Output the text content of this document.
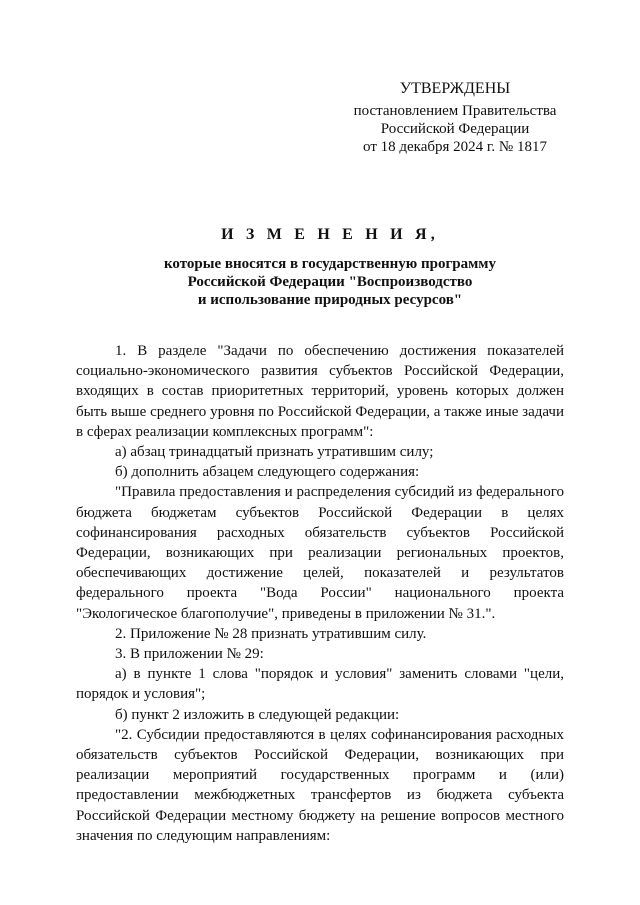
УТВЕРЖДЕНЫ
постановлением Правительства
Российской Федерации
от 18 декабря 2024 г. № 1817
И З М Е Н Е Н И Я,
которые вносятся в государственную программу
Российской Федерации "Воспроизводство
и использование природных ресурсов"

1. В разделе "Задачи по обеспечению достижения показателей социально-экономического развития субъектов Российской Федерации, входящих в состав приоритетных территорий, уровень которых должен быть выше среднего уровня по Российской Федерации, а также иные задачи в сферах реализации комплексных программ":

а) абзац тринадцатый признать утратившим силу;

б) дополнить абзацем следующего содержания:

"Правила предоставления и распределения субсидий из федерального бюджета бюджетам субъектов Российской Федерации в целях софинансирования расходных обязательств субъектов Российской Федерации, возникающих при реализации региональных проектов, обеспечивающих достижение целей, показателей и результатов федерального проекта "Вода России" национального проекта "Экологическое благополучие", приведены в приложении № 31.".

2. Приложение № 28 признать утратившим силу.

3. В приложении № 29:

а) в пункте 1 слова "порядок и условия" заменить словами "цели, порядок и условия";

б) пункт 2 изложить в следующей редакции:

"2. Субсидии предоставляются в целях софинансирования расходных обязательств субъектов Российской Федерации, возникающих при реализации мероприятий государственных программ и (или) предоставлении межбюджетных трансфертов из бюджета субъекта Российской Федерации местному бюджету на решение вопросов местного значения по следующим направлениям:
